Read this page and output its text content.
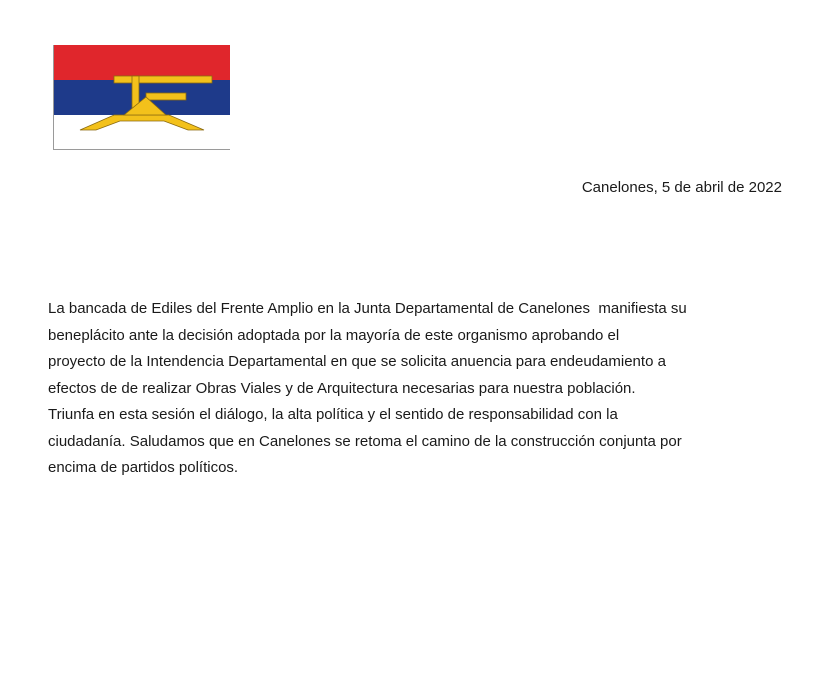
Canelones, 5 de abril de 2022
La bancada de Ediles del Frente Amplio en la Junta Departamental de Canelones  manifiesta su
beneplácito ante la decisión adoptada por la mayoría de este organismo aprobando el
proyecto de la Intendencia Departamental en que se solicita anuencia para endeudamiento a
efectos de de realizar Obras Viales y de Arquitectura necesarias para nuestra población.
Triunfa en esta sesión el diálogo, la alta política y el sentido de responsabilidad con la
ciudadanía. Saludamos que en Canelones se retoma el camino de la construcción conjunta por
encima de partidos políticos.
